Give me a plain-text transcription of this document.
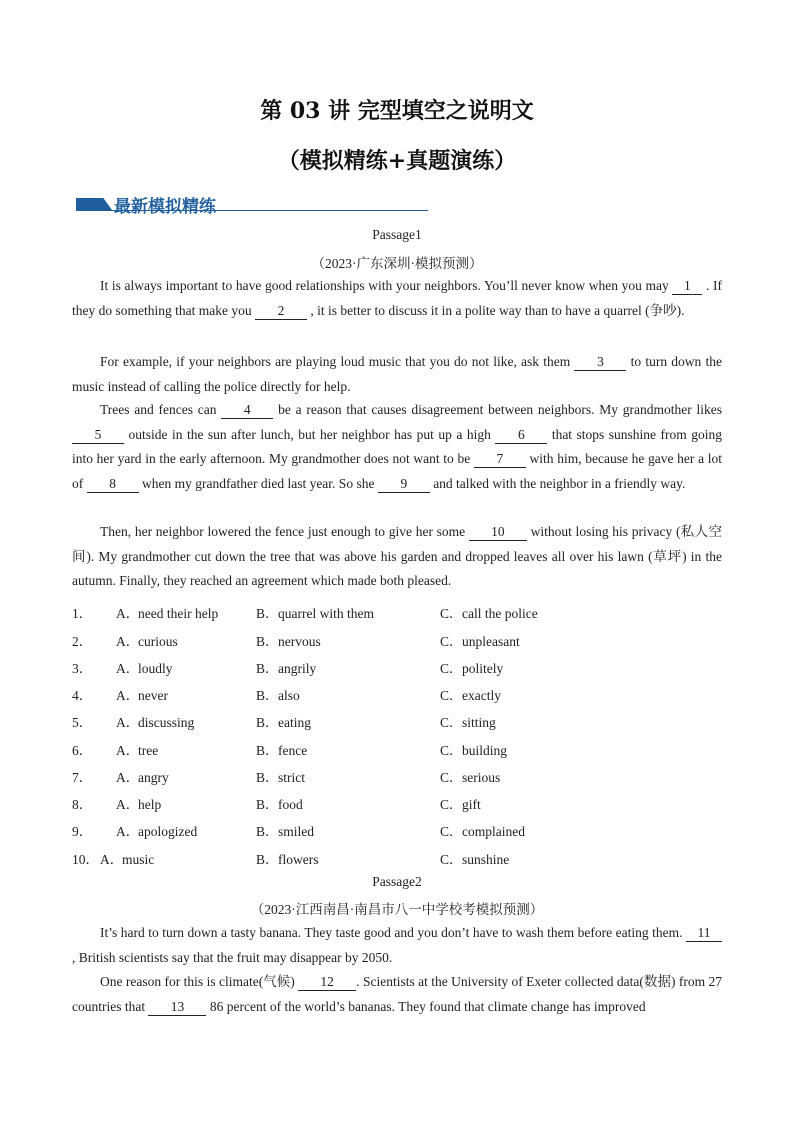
第 03 讲 完型填空之说明文
（模拟精练+真题演练）
最新模拟精练
Passage1
（2023·广东深圳·模拟预测）
It is always important to have good relationships with your neighbors. You’ll never know when you may 1 . If they do something that make you 2 , it is better to discuss it in a polite way than to have a quarrel (争吵).
For example, if your neighbors are playing loud music that you do not like, ask them 3 to turn down the music instead of calling the police directly for help.
Trees and fences can 4 be a reason that causes disagreement between neighbors. My grandmother likes 5 outside in the sun after lunch, but her neighbor has put up a high 6 that stops sunshine from going into her yard in the early afternoon. My grandmother does not want to be 7 with him, because he gave her a lot of 8 when my grandfather died last year. So she 9 and talked with the neighbor in a friendly way.
Then, her neighbor lowered the fence just enough to give her some 10 without losing his privacy (私人空间). My grandmother cut down the tree that was above his garden and dropped leaves all over his lawn (草坪) in the autumn. Finally, they reached an agreement which made both pleased.
1． A．need their help	B．quarrel with them	C．call the police
2． A．curious	B．nervous	C．unpleasant
3． A．loudly	B．angrily	C．politely
4． A．never	B．also	C．exactly
5． A．discussing	B．eating	C．sitting
6． A．tree	B．fence	C．building
7． A．angry	B．strict	C．serious
8． A．help	B．food	C．gift
9． A．apologized	B．smiled	C．complained
10． A．music	B．flowers	C．sunshine
Passage2
（2023·江西南昌·南昌市八一中学校考模拟预测）
It’s hard to turn down a tasty banana. They taste good and you don’t have to wash them before eating them. 11, British scientists say that the fruit may disappear by 2050.
One reason for this is climate(气候) 12 . Scientists at the University of Exeter collected data(数据) from 27 countries that 13 86 percent of the world’s bananas. They found that climate change has improved
